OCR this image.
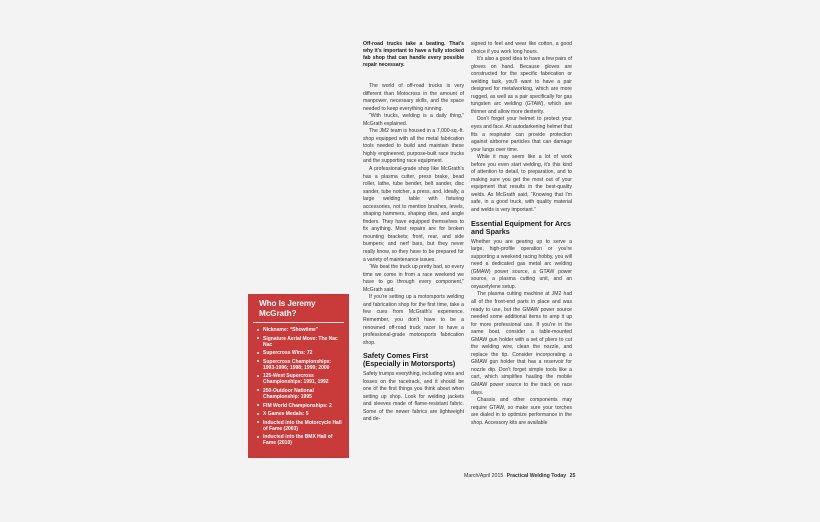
Who Is Jeremy McGrath?
Nickname: “Showtime”
Signature Aerial Move: The Nac Nac
Supercross Wins: 72
Supercross Championships: 1993-1996; 1998; 1999; 2000
125-West Supercross Championships: 1991, 1992
250-Outdoor National Championship: 1995
FIM World Championships: 2
X Games Medals: 5
Inducted into the Motorcycle Hall of Fame (2003)
Inducted into the BMX Hall of Fame (2010)

Off-road trucks take a beating. That's why it's important to have a fully stocked fab shop that can handle every possible repair necessary.

The world of off-road trucks is very different than Motocross in the amount of manpower, necessary skills, and the space needed to keep everything running.

“With trucks, welding is a daily thing,” McGrath explained.

The JM2 team is housed in a 7,000-sq.-ft. shop equipped with all the metal fabrication tools needed to build and maintain these highly engineered, purpose-built race trucks and the supporting race equipment.

A professional-grade shop like McGrath's has a plasma cutter, press brake, bead roller, lathe, tube bender, belt sander, disc sander, tube notcher, a press, and, ideally, a large welding table with fixturing accessories, not to mention brushes, levels, shaping hammers, shaping dies, and angle finders. They have equipped themselves to fix anything. Most repairs are for broken mounting brackets; front, rear, and side bumpers; and nerf bars, but they never really know, so they have to be prepared for a variety of maintenance issues.

“We beat the truck up pretty bad, so every time we come in from a race weekend we have to go through every component,” McGrath said.

If you're setting up a motorsports welding and fabrication shop for the first time, take a few cues from McGrath's experience. Remember, you don't have to be a renowned off-road truck racer to have a professional-grade motorsports fabrication shop.

Safety Comes First (Especially in Motorsports)

Safety trumps everything, including wins and losses on the racetrack, and it should be one of the first things you think about when setting up shop. Look for welding jackets and sleeves made of flame-resistant fabric. Some of the newer fabrics are lightweight and de-

signed to feel and wear like cotton, a good choice if you work long hours.

It's also a good idea to have a few pairs of gloves on hand. Because gloves are constructed for the specific fabrication or welding task, you'll want to have a pair designed for metalworking, which are more rugged, as well as a pair specifically for gas tungsten arc welding (GTAW), which are thinner and allow more dexterity.

Don't forget your helmet to protect your eyes and face. An autodarkening helmet that fits a respirator can provide protection against airborne particles that can damage your lungs over time.

While it may seem like a lot of work before you even start welding, it's this kind of attention to detail, to preparation, and to making sure you get the most out of your equipment that results in the best-quality welds. As McGrath said, “Knowing that I'm safe, in a good truck, with quality material and welds is very important.”

Essential Equipment for Arcs and Sparks

Whether you are gearing up to serve a large, high-profile operation or you're supporting a weekend racing hobby, you will need a dedicated gas metal arc welding (GMAW) power source, a GTAW power source, a plasma cutting unit, and an oxyacetylene setup.

The plasma cutting machine at JM2 had all of the front-end parts in place and was ready to use, but the GMAW power source needed some additional items to amp it up for more professional use. If you're in the same boat, consider a table-mounted GMAW gun holder with a set of pliers to cut the welding wire, clean the nozzle, and replace the tip. Consider incorporating a GMAW gun holder that has a reservoir for nozzle dip. Don't forget simple tools like a cart, which simplifies hauling the mobile GMAW power source to the track on race days.

Chassis and other components may require GTAW, so make sure your torches are dialed in to optimize performance in the shop. Accessory kits are available

March/April 2015 Practical Welding Today 25
